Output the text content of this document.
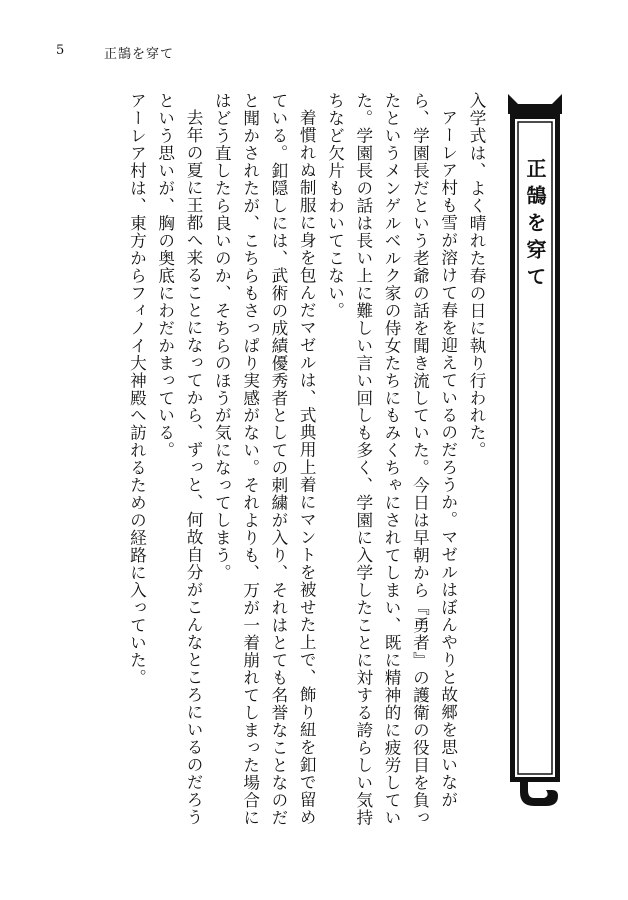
5	正鵠を穿て
正鵠を穿て

入学式は、よく晴れた春の日に執り行われた。

アーレア村も雪が溶けて春を迎えているのだろうか。マゼルはぼんやりと故郷を思いながら、学園長だという老爺の話を聞き流していた。今日は早朝から『勇者』の護衛の役目を負ったというメンゲルベルク家の侍女たちにもみくちゃにされてしまい、既に精神的に疲労していた。学園長の話は長い上に難しい言い回しも多く、学園に入学したことに対する誇らしい気持ちなど欠片もわいてこない。

着慣れぬ制服に身を包んだマゼルは、式典用上着にマントを被せた上で、飾り紐を釦で留めている。釦隠しには、武術の成績優秀者としての刺繍が入り、それはとても名誉なことなのだと聞かされたが、こちらもさっぱり実感がない。それよりも、万が一着崩れてしまった場合にはどう直したら良いのか、そちらのほうが気になってしまう。

去年の夏に王都へ来ることになってから、ずっと、何故自分がこんなところにいるのだろうという思いが、胸の奥底にわだかまっている。

アーレア村は、東方からフィノイ大神殿へ訪れるための経路に入っていた。
